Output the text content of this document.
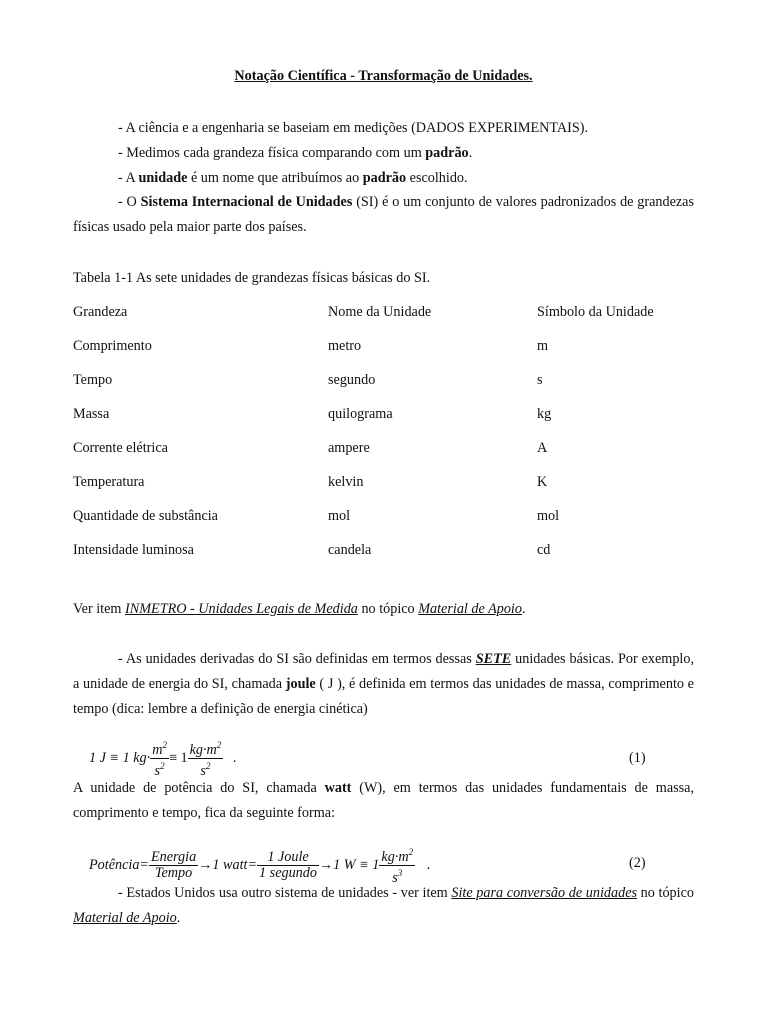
Notação Científica - Transformação de Unidades.
- A ciência e a engenharia se baseiam em medições (DADOS EXPERIMENTAIS).
- Medimos cada grandeza física comparando com um padrão.
- A unidade é um nome que atribuímos ao padrão escolhido.
- O Sistema Internacional de Unidades (SI) é o um conjunto de valores padronizados de grandezas físicas usado pela maior parte dos países.
Tabela 1-1 As sete unidades de grandezas físicas básicas do SI.
Grandeza	Nome da Unidade	Símbolo da Unidade
Comprimento	metro	m
Tempo	segundo	s
Massa	quilograma	kg
Corrente elétrica	ampere	A
Temperatura	kelvin	K
Quantidade de substância	mol	mol
Intensidade luminosa	candela	cd
Ver item INMETRO - Unidades Legais de Medida no tópico Material de Apoio.
- As unidades derivadas do SI são definidas em termos dessas SETE unidades básicas. Por exemplo, a unidade de energia do SI, chamada joule ( J ), é definida em termos das unidades de massa, comprimento e tempo (dica: lembre a definição de energia cinética)
1 J ≡ 1 $kg\cdot \frac{m^2}{s^2} \equiv 1 \frac{kg\cdot m^2}{s^2}$ .	(1)
A unidade de potência do SI, chamada watt (W), em termos das unidades fundamentais de massa, comprimento e tempo, fica da seguinte forma:
Potência= $\frac{\text{Energia}}{\text{Tempo}} \to 1$ watt= $\frac{\text{1 Joule}}{\text{1 segundo}} \to 1$ $W \equiv 1 \frac{kg\cdot m^2}{s^3}$ .	(2)
- Estados Unidos usa outro sistema de unidades - ver item Site para conversão de unidades no tópico Material de Apoio.
